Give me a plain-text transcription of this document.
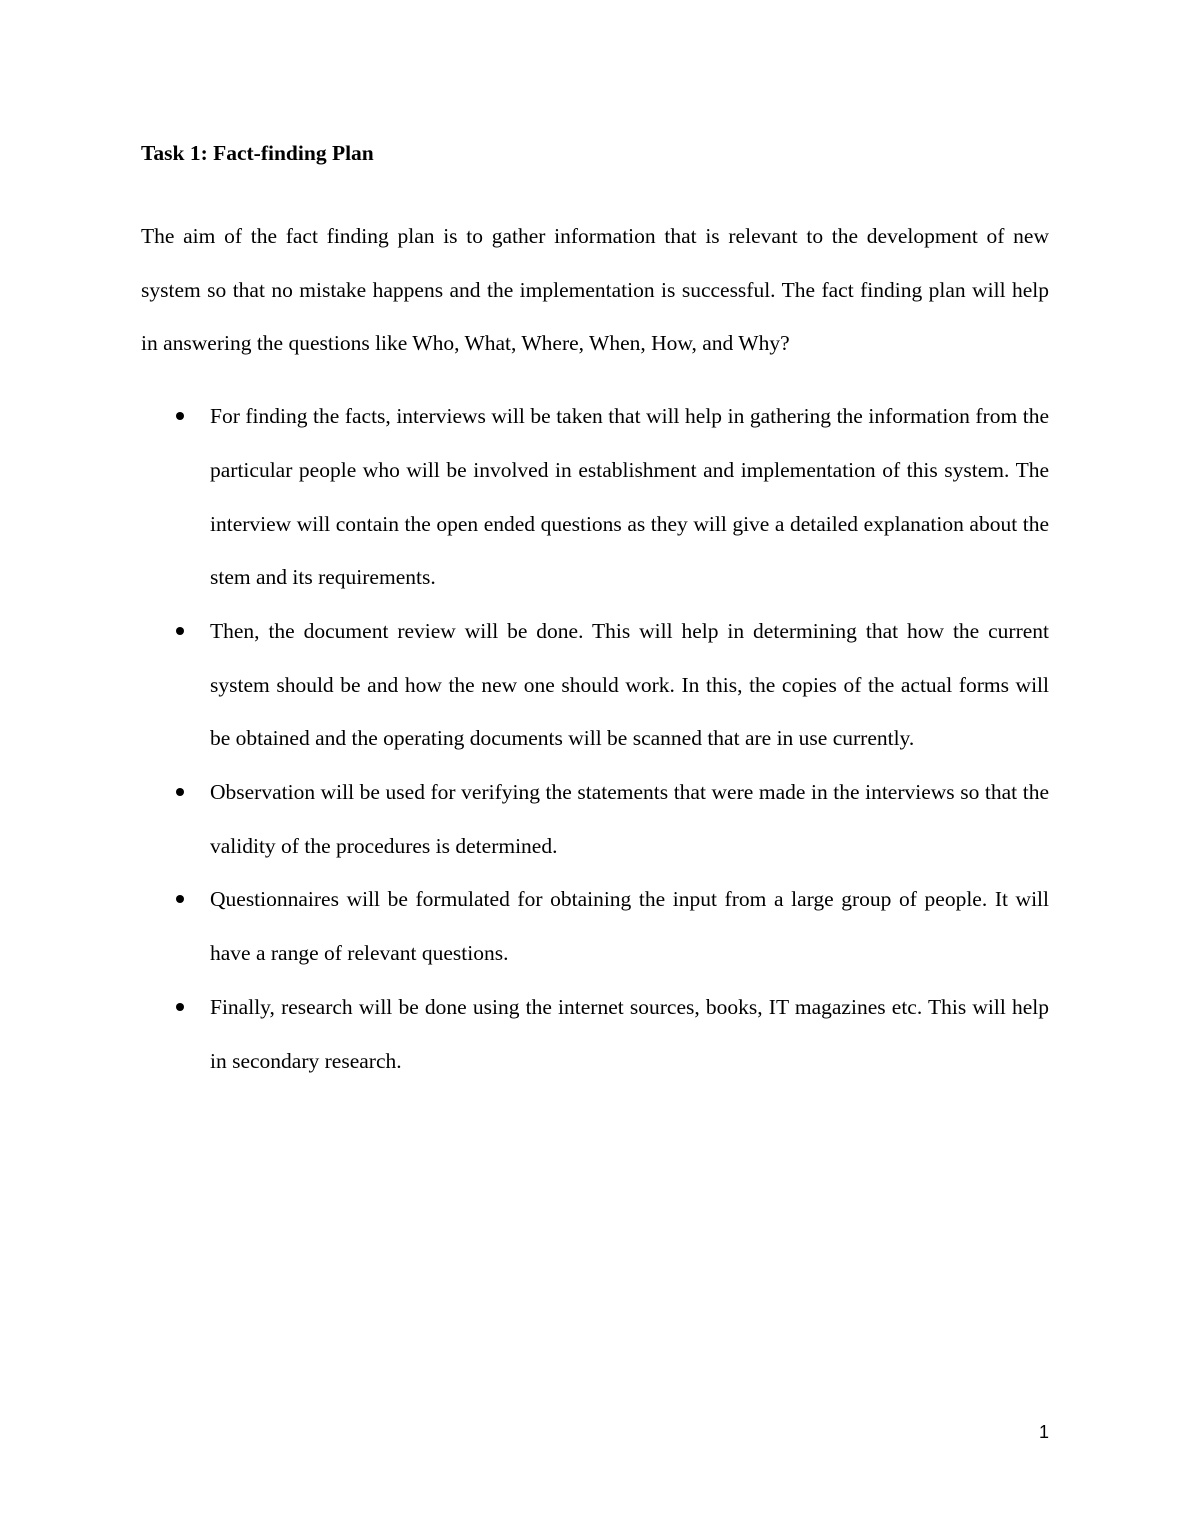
Task 1: Fact-finding Plan

The aim of the fact finding plan is to gather information that is relevant to the development of new system so that no mistake happens and the implementation is successful. The fact finding plan will help in answering the questions like Who, What, Where, When, How, and Why?

For finding the facts, interviews will be taken that will help in gathering the information from the particular people who will be involved in establishment and implementation of this system. The interview will contain the open ended questions as they will give a detailed explanation about the stem and its requirements.
Then, the document review will be done. This will help in determining that how the current system should be and how the new one should work. In this, the copies of the actual forms will be obtained and the operating documents will be scanned that are in use currently.
Observation will be used for verifying the statements that were made in the interviews so that the validity of the procedures is determined.
Questionnaires will be formulated for obtaining the input from a large group of people. It will have a range of relevant questions.
Finally, research will be done using the internet sources, books, IT magazines etc. This will help in secondary research.
1
